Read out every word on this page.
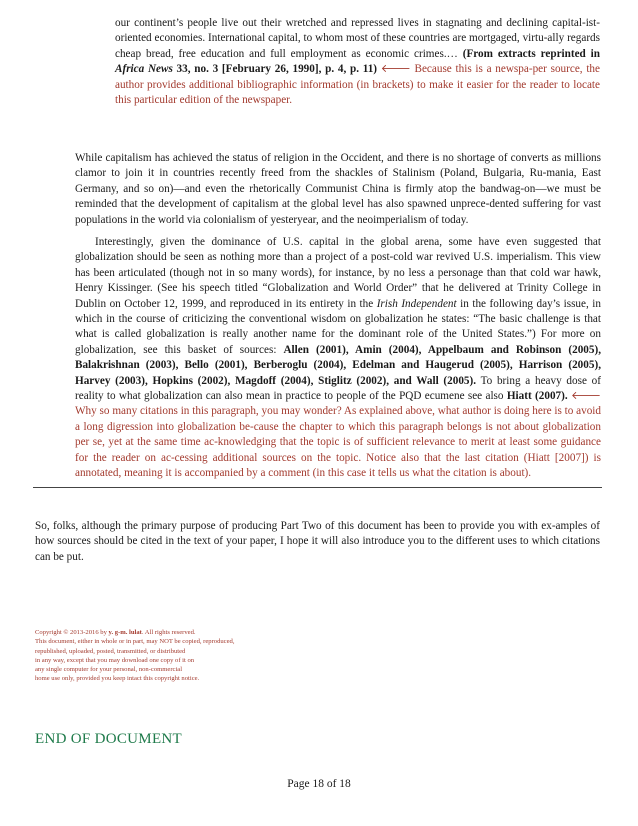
our continent’s people live out their wretched and repressed lives in stagnating and declining capital-ist-oriented economies. International capital, to whom most of these countries are mortgaged, virtu-ally regards cheap bread, free education and full employment as economic crimes.… (From extracts reprinted in Africa News 33, no. 3 [February 26, 1990], p. 4, p. 11) 🡐 Because this is a newspa-per source, the author provides additional bibliographic information (in brackets) to make it easier for the reader to locate this particular edition of the newspaper.

While capitalism has achieved the status of religion in the Occident, and there is no shortage of converts as millions clamor to join it in countries recently freed from the shackles of Stalinism (Poland, Bulgaria, Ru-mania, East Germany, and so on)—and even the rhetorically Communist China is firmly atop the bandwag-on—we must be reminded that the development of capitalism at the global level has also spawned unprece-dented suffering for vast populations in the world via colonialism of yesteryear, and the neoimperialism of today.

Interestingly, given the dominance of U.S. capital in the global arena, some have even suggested that globalization should be seen as nothing more than a project of a post-cold war revived U.S. imperialism. This view has been articulated (though not in so many words), for instance, by no less a personage than that cold war hawk, Henry Kissinger. (See his speech titled “Globalization and World Order” that he delivered at Trinity College in Dublin on October 12, 1999, and reproduced in its entirety in the Irish Independent in the following day’s issue, in which in the course of criticizing the conventional wisdom on globalization he states: “The basic challenge is that what is called globalization is really another name for the dominant role of the United States.”) For more on globalization, see this basket of sources: Allen (2001), Amin (2004), Appelbaum and Robinson (2005), Balakrishnan (2003), Bello (2001), Berberoglu (2004), Edelman and Haugerud (2005), Harrison (2005), Harvey (2003), Hopkins (2002), Magdoff (2004), Stiglitz (2002), and Wall (2005). To bring a heavy dose of reality to what globalization can also mean in practice to people of the PQD ecumene see also Hiatt (2007). 🡐 Why so many citations in this paragraph, you may wonder? As explained above, what author is doing here is to avoid a long digression into globalization be-cause the chapter to which this paragraph belongs is not about globalization per se, yet at the same time ac-knowledging that the topic is of sufficient relevance to merit at least some guidance for the reader on ac-cessing additional sources on the topic. Notice also that the last citation (Hiatt [2007]) is annotated, meaning it is accompanied by a comment (in this case it tells us what the citation is about).

So, folks, although the primary purpose of producing Part Two of this document has been to provide you with ex-amples of how sources should be cited in the text of your paper, I hope it will also introduce you to the different uses to which citations can be put.

Copyright © 2013-2016 by y. g-m. lulat. All rights reserved.
This document, either in whole or in part, may NOT be copied, reproduced,
republished, uploaded, posted, transmitted, or distributed
in any way, except that you may download one copy of it on
any single computer for your personal, non-commercial
home use only, provided you keep intact this copyright notice.
END OF DOCUMENT
Page 18 of 18
